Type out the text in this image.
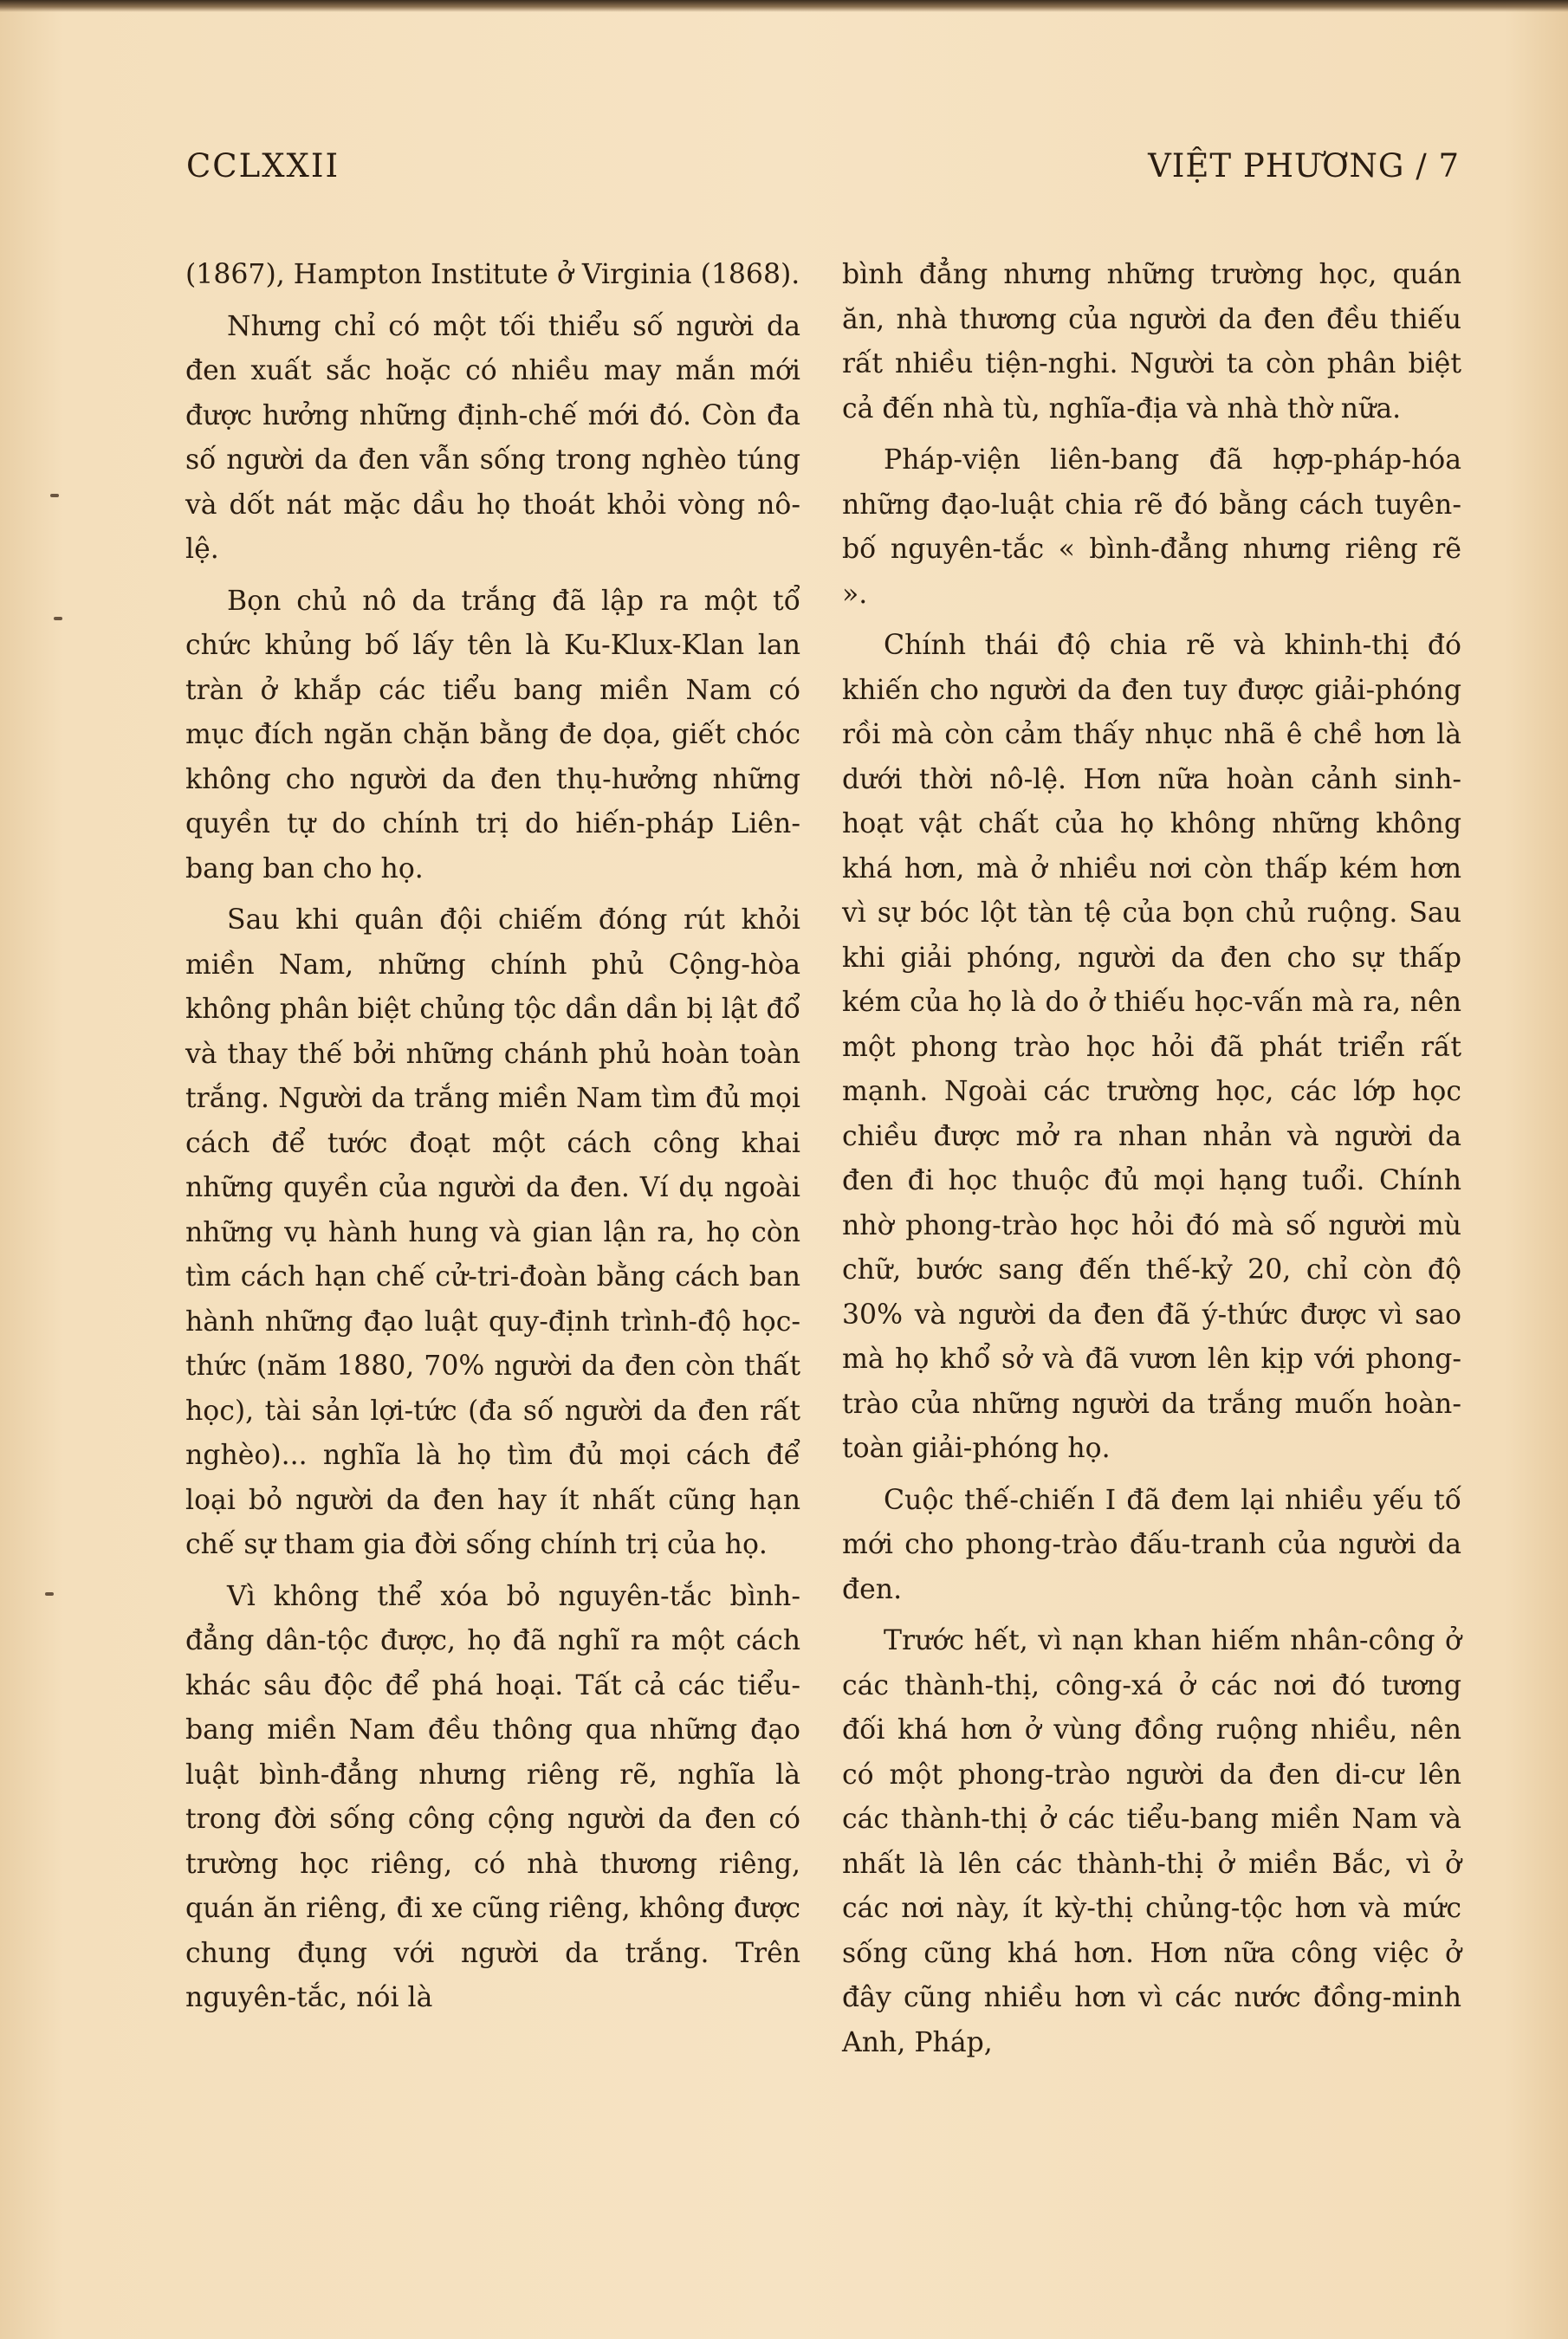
CCLXXII	VIỆT PHƯƠNG / 7

(1867), Hampton Institute ở Virginia (1868).

Nhưng chỉ có một tối thiểu số người da đen xuất sắc hoặc có nhiều may mắn mới được hưởng những định-chế mới đó. Còn đa số người da đen vẫn sống trong nghèo túng và dốt nát mặc dầu họ thoát khỏi vòng nô-lệ.

Bọn chủ nô da trắng đã lập ra một tổ chức khủng bố lấy tên là Ku-Klux-Klan lan tràn ở khắp các tiểu bang miền Nam có mục đích ngăn chặn bằng đe dọa, giết chóc không cho người da đen thụ-hưởng những quyền tự do chính trị do hiến-pháp Liên-bang ban cho họ.

Sau khi quân đội chiếm đóng rút khỏi miền Nam, những chính phủ Cộng-hòa không phân biệt chủng tộc dần dần bị lật đổ và thay thế bởi những chánh phủ hoàn toàn trắng. Người da trắng miền Nam tìm đủ mọi cách để tước đoạt một cách công khai những quyền của người da đen. Ví dụ ngoài những vụ hành hung và gian lận ra, họ còn tìm cách hạn chế cử-tri-đoàn bằng cách ban hành những đạo luật quy-định trình-độ học-thức (năm 1880, 70% người da đen còn thất học), tài sản lợi-tức (đa số người da đen rất nghèo)... nghĩa là họ tìm đủ mọi cách để loại bỏ người da đen hay ít nhất cũng hạn chế sự tham gia đời sống chính trị của họ.

Vì không thể xóa bỏ nguyên-tắc bình-đẳng dân-tộc được, họ đã nghĩ ra một cách khác sâu độc để phá hoại. Tất cả các tiểu-bang miền Nam đều thông qua những đạo luật bình-đẳng nhưng riêng rẽ, nghĩa là trong đời sống công cộng người da đen có trường học riêng, có nhà thương riêng, quán ăn riêng, đi xe cũng riêng, không được chung đụng với người da trắng. Trên nguyên-tắc, nói là

bình đẳng nhưng những trường học, quán ăn, nhà thương của người da đen đều thiếu rất nhiều tiện-nghi. Người ta còn phân biệt cả đến nhà tù, nghĩa-địa và nhà thờ nữa.

Pháp-viện liên-bang đã hợp-pháp-hóa những đạo-luật chia rẽ đó bằng cách tuyên-bố nguyên-tắc « bình-đẳng nhưng riêng rẽ ».

Chính thái độ chia rẽ và khinh-thị đó khiến cho người da đen tuy được giải-phóng rồi mà còn cảm thấy nhục nhã ê chề hơn là dưới thời nô-lệ. Hơn nữa hoàn cảnh sinh-hoạt vật chất của họ không những không khá hơn, mà ở nhiều nơi còn thấp kém hơn vì sự bóc lột tàn tệ của bọn chủ ruộng. Sau khi giải phóng, người da đen cho sự thấp kém của họ là do ở thiếu học-vấn mà ra, nên một phong trào học hỏi đã phát triển rất mạnh. Ngoài các trường học, các lớp học chiều được mở ra nhan nhản và người da đen đi học thuộc đủ mọi hạng tuổi. Chính nhờ phong-trào học hỏi đó mà số người mù chữ, bước sang đến thế-kỷ 20, chỉ còn độ 30% và người da đen đã ý-thức được vì sao mà họ khổ sở và đã vươn lên kịp với phong-trào của những người da trắng muốn hoàn-toàn giải-phóng họ.

Cuộc thế-chiến I đã đem lại nhiều yếu tố mới cho phong-trào đấu-tranh của người da đen.

Trước hết, vì nạn khan hiếm nhân-công ở các thành-thị, công-xá ở các nơi đó tương đối khá hơn ở vùng đồng ruộng nhiều, nên có một phong-trào người da đen di-cư lên các thành-thị ở các tiểu-bang miền Nam và nhất là lên các thành-thị ở miền Bắc, vì ở các nơi này, ít kỳ-thị chủng-tộc hơn và mức sống cũng khá hơn. Hơn nữa công việc ở đây cũng nhiều hơn vì các nước đồng-minh Anh, Pháp,
